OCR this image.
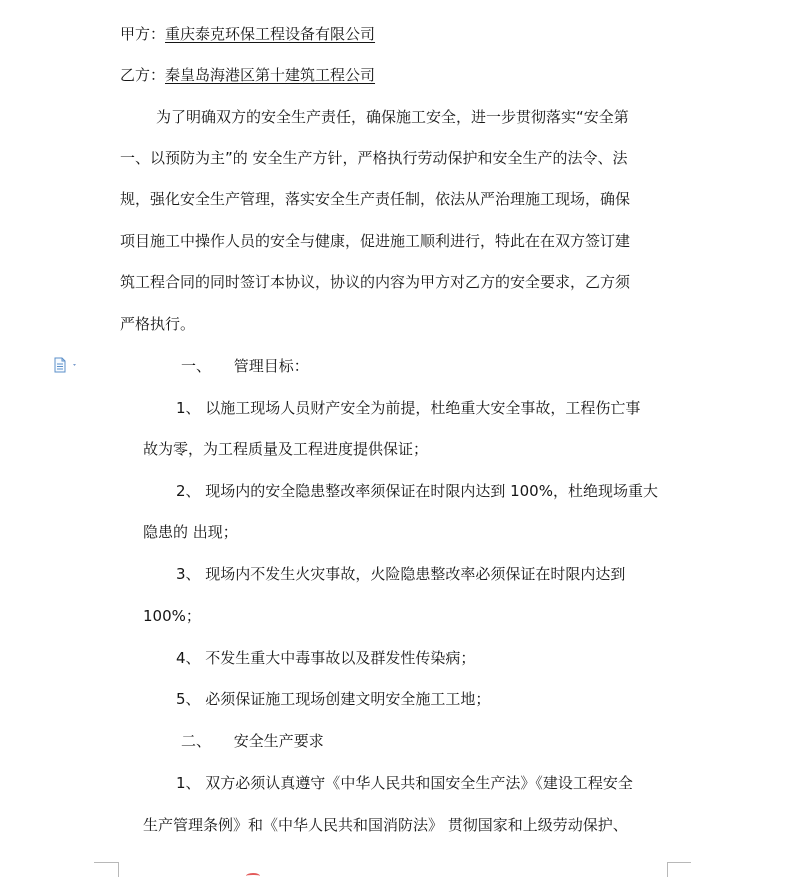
甲方：重庆泰克环保工程设备有限公司
乙方：秦皇岛海港区第十建筑工程公司
为了明确双方的安全生产责任，确保施工安全，进一步贯彻落实“安全第
一、以预防为主”的 安全生产方针，严格执行劳动保护和安全生产的法令、法
规，强化安全生产管理，落实安全生产责任制，依法从严治理施工现场，确保
项目施工中操作人员的安全与健康，促进施工顺利进行，特此在在双方签订建
筑工程合同的同时签订本协议，协议的内容为甲方对乙方的安全要求，乙方须
严格执行。
一、 管理目标：
1、 以施工现场人员财产安全为前提，杜绝重大安全事故，工程伤亡事
故为零，为工程质量及工程进度提供保证；
2、 现场内的安全隐患整改率须保证在时限内达到 100%，杜绝现场重大
隐患的 出现；
3、 现场内不发生火灾事故，火险隐患整改率必须保证在时限内达到
100%；
4、 不发生重大中毒事故以及群发性传染病；
5、 必须保证施工现场创建文明安全施工工地；
二、 安全生产要求
1、 双方必须认真遵守《中华人民共和国安全生产法》《建设工程安全
生产管理条例》和《中华人民共和国消防法》 贯彻国家和上级劳动保护、
